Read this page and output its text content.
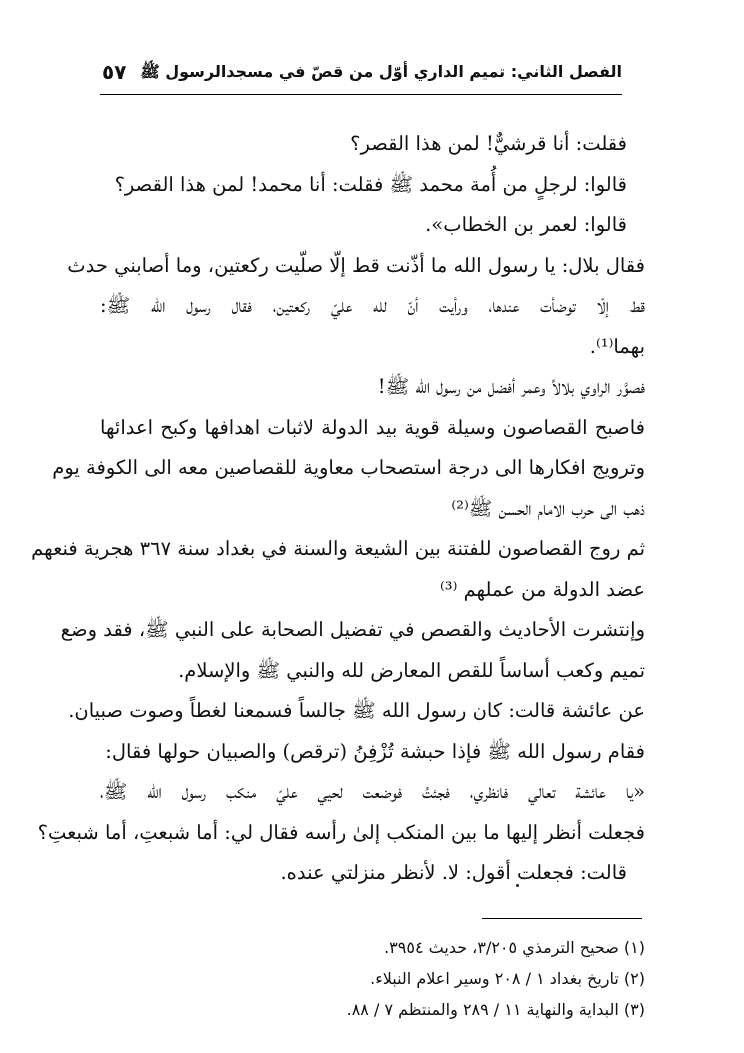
الفصل الثاني: تميم الداري أوّل من قصّ في مسجدالرسول ﷺ
٥٧
فقلت: أنا قرشيٌّ! لمن هذا القصر؟
قالوا: لرجلٍ من أُمة محمد ﷺ فقلت: أنا محمد! لمن هذا القصر؟
قالوا: لعمر بن الخطاب».
فقال بلال: يا رسول الله ما أذّنت قط إلّا صلّيت ركعتين، وما أصابني حدث
قط إلّا توضأت عندها، ورأيت أنّ لله عليّ ركعتين، فقال رسول الله ﷺ:
بهما⁽¹⁾.
فصوَّر الراوي بلالاً وعمر أفضل من رسول الله ﷺ!
فاصبح القصاصون وسيلة قوية بيد الدولة لاثبات اهدافها وكبح اعدائها
وترويج افكارها الى درجة استصحاب معاوية للقصاصين معه الى الكوفة يوم
ذهب الى حرب الامام الحسن ﷺ⁽²⁾
ثم روج القصاصون للفتنة بين الشيعة والسنة في بغداد سنة ٣٦٧ هجرية فنعهم
عضد الدولة من عملهم ⁽³⁾
وإنتشرت الأحاديث والقصص في تفضيل الصحابة على النبي ﷺ، فقد وضع
تميم وكعب أساساً للقص المعارض لله والنبي ﷺ والإسلام.
عن عائشة قالت: كان رسول الله ﷺ جالساً فسمعنا لغطاً وصوت صبيان.
فقام رسول الله ﷺ فإذا حبشة تُزْفِنُ (ترقص) والصبيان حولها فقال:
«يا عائشة تعالي فانظري، فجئتُ فوضعت لحيي عليّ منكب رسول الله ﷺ،
فجعلت أنظر إليها ما بين المنكب إلىٰ رأسه فقال لي: أما شبعتِ، أما شبعتِ؟
قالت: فجعلت أقول: لا. لأنظر منزلتي عنده.
(١) صحيح الترمذي ٣/٢٠٥، حديث ٣٩٥٤.
(٢) تاريخ بغداد ١ / ٢٠٨ وسير اعلام النبلاء.
(٣) البداية والنهاية ١١ / ٢٨٩ والمنتظم ٧ / ٨٨.
